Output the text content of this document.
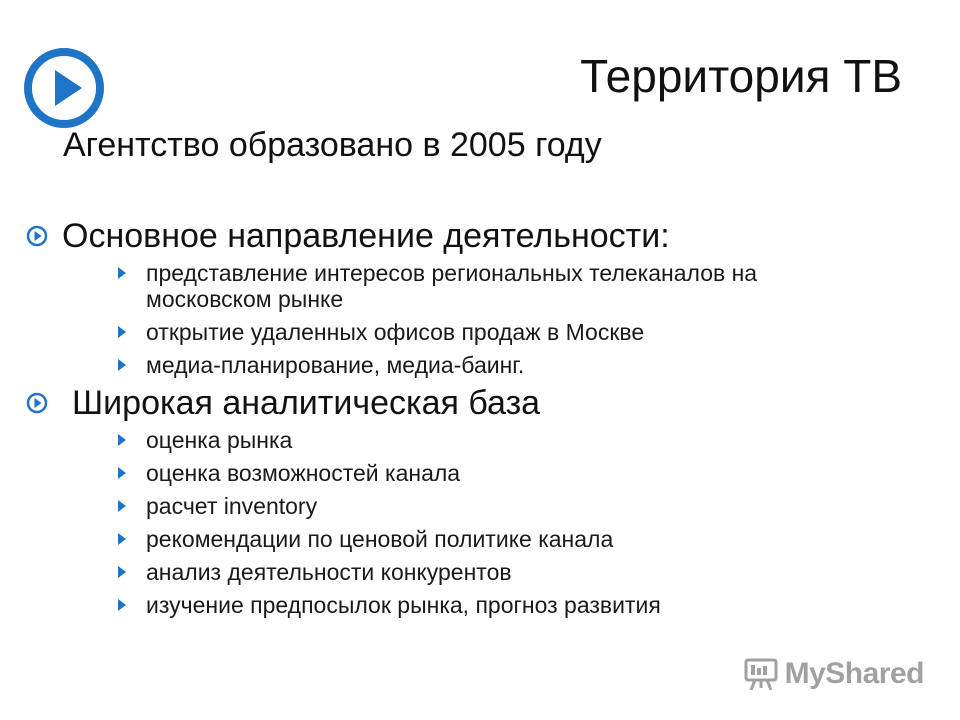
Территория ТВ
Агентство образовано в 2005 году
Основное направление деятельности:
представление интересов региональных телеканалов на московском рынке
открытие удаленных офисов продаж в Москве
медиа-планирование, медиа-баинг.
Широкая аналитическая база
оценка рынка
оценка возможностей канала
расчет inventory
рекомендации по ценовой политике канала
анализ деятельности конкурентов
изучение предпосылок рынка, прогноз развития
MyShared
